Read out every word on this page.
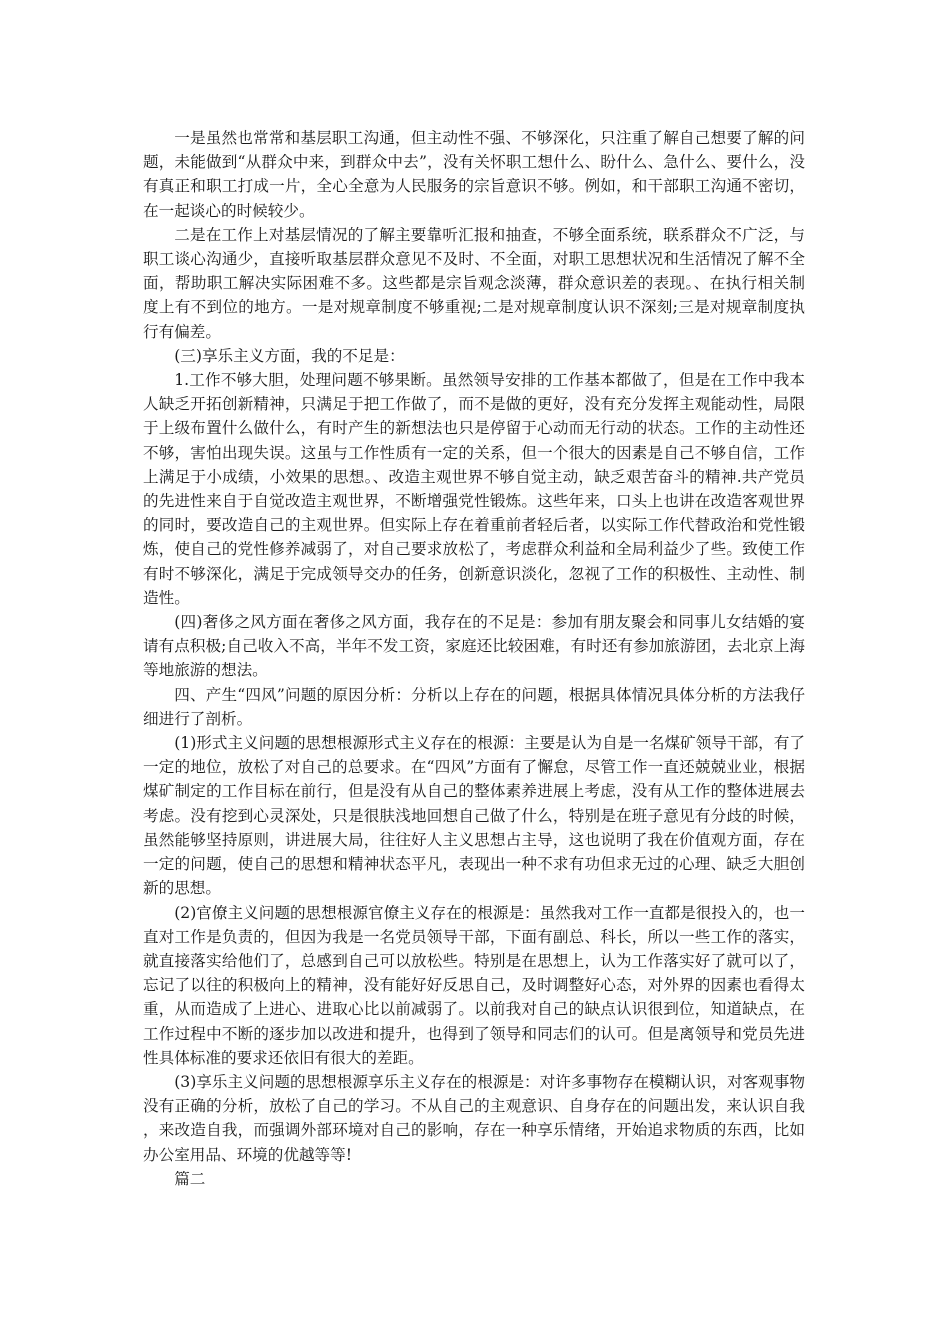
一是虽然也常常和基层职工沟通，但主动性不强、不够深化，只注重了解自己想要了解的问题，未能做到“从群众中来，到群众中去”，没有关怀职工想什么、盼什么、急什么、要什么，没有真正和职工打成一片，全心全意为人民服务的宗旨意识不够。例如，和干部职工沟通不密切，在一起谈心的时候较少。

二是在工作上对基层情况的了解主要靠听汇报和抽查，不够全面系统，联系群众不广泛，与职工谈心沟通少，直接听取基层群众意见不及时、不全面，对职工思想状况和生活情况了解不全面，帮助职工解决实际困难不多。这些都是宗旨观念淡薄，群众意识差的表现。、在执行相关制度上有不到位的地方。一是对规章制度不够重视;二是对规章制度认识不深刻;三是对规章制度执行有偏差。

(三)享乐主义方面，我的不足是：

1.工作不够大胆，处理问题不够果断。虽然领导安排的工作基本都做了，但是在工作中我本人缺乏开拓创新精神，只满足于把工作做了，而不是做的更好，没有充分发挥主观能动性，局限于上级布置什么做什么，有时产生的新想法也只是停留于心动而无行动的状态。工作的主动性还不够，害怕出现失误。这虽与工作性质有一定的关系，但一个很大的因素是自己不够自信，工作上满足于小成绩，小效果的思想。、改造主观世界不够自觉主动，缺乏艰苦奋斗的精神.共产党员的先进性来自于自觉改造主观世界，不断增强党性锻炼。这些年来，口头上也讲在改造客观世界的同时，要改造自己的主观世界。但实际上存在着重前者轻后者，以实际工作代替政治和党性锻炼，使自己的党性修养减弱了，对自己要求放松了，考虑群众利益和全局利益少了些。致使工作有时不够深化，满足于完成领导交办的任务，创新意识淡化，忽视了工作的积极性、主动性、制造性。

(四)奢侈之风方面在奢侈之风方面，我存在的不足是：参加有朋友聚会和同事儿女结婚的宴请有点积极;自己收入不高，半年不发工资，家庭还比较困难，有时还有参加旅游团，去北京上海等地旅游的想法。

四、产生“四风”问题的原因分析：分析以上存在的问题，根据具体情况具体分析的方法我仔细进行了剖析。

(1)形式主义问题的思想根源形式主义存在的根源：主要是认为自是一名煤矿领导干部，有了一定的地位，放松了对自己的总要求。在“四风”方面有了懈怠，尽管工作一直还兢兢业业，根据煤矿制定的工作目标在前行，但是没有从自己的整体素养进展上考虑，没有从工作的整体进展去考虑。没有挖到心灵深处，只是很肤浅地回想自己做了什么，特别是在班子意见有分歧的时候，虽然能够坚持原则，讲进展大局，往往好人主义思想占主导，这也说明了我在价值观方面，存在一定的问题，使自己的思想和精神状态平凡，表现出一种不求有功但求无过的心理、缺乏大胆创新的思想。

(2)官僚主义问题的思想根源官僚主义存在的根源是：虽然我对工作一直都是很投入的，也一直对工作是负责的，但因为我是一名党员领导干部，下面有副总、科长，所以一些工作的落实，就直接落实给他们了，总感到自己可以放松些。特别是在思想上，认为工作落实好了就可以了，忘记了以往的积极向上的精神，没有能好好反思自己，及时调整好心态，对外界的因素也看得太重，从而造成了上进心、进取心比以前减弱了。以前我对自己的缺点认识很到位，知道缺点，在工作过程中不断的逐步加以改进和提升，也得到了领导和同志们的认可。但是离领导和党员先进性具体标准的要求还依旧有很大的差距。

(3)享乐主义问题的思想根源享乐主义存在的根源是：对许多事物存在模糊认识，对客观事物没有正确的分析，放松了自己的学习。不从自己的主观意识、自身存在的问题出发，来认识自我，来改造自我，而强调外部环境对自己的影响，存在一种享乐情绪，开始追求物质的东西，比如办公室用品、环境的优越等等!

篇二
